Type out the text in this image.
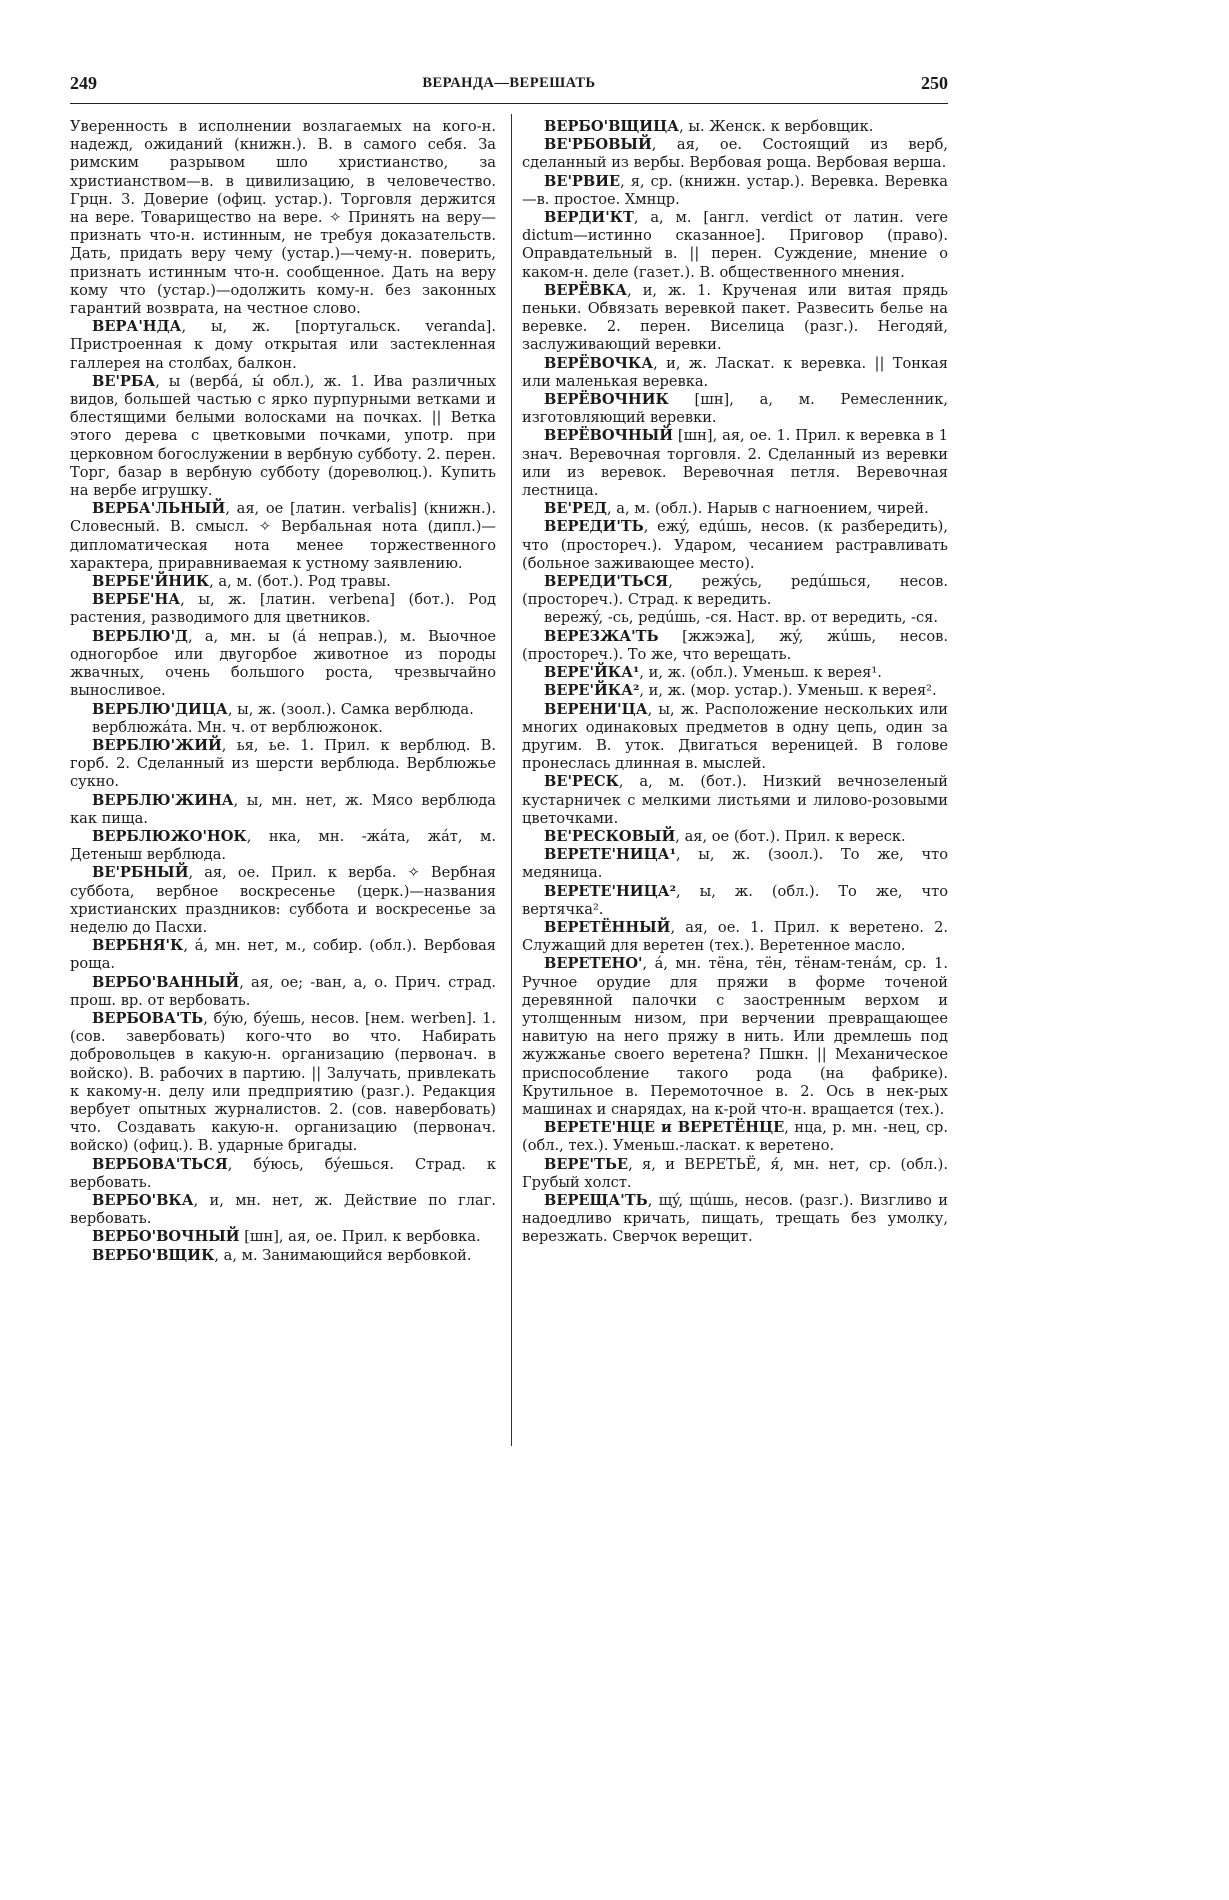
249	ВЕРАНДА—ВЕРЕШАТЬ	250

Уверенность в исполнении возлагаемых на кого-н. надежд, ожиданий (книжн.). В. в самого себя. За римским разрывом шло христианство, за христианством—в. в цивилизацию, в человечество. Грцн. 3. Доверие (офиц. устар.). Торговля держится на вере. Товарищество на вере. ✧ Принять на веру—признать что-н. истинным, не требуя доказательств. Дать, придать веру чему (устар.)—чему-н. поверить, признать истинным что-н. сообщенное. Дать на веру кому что (устар.)—одолжить кому-н. без законных гарантий возврата, на честное слово.

ВЕРА'НДА, ы, ж. [португальск. veranda]. Пристроенная к дому открытая или застекленная галлерея на столбах, балкон.

ВЕ'РБА, ы (вербá, ы́ обл.), ж. 1. Ива различных видов, большей частью с ярко пурпурными ветками и блестящими белыми волосками на почках. || Ветка этого дерева с цветковыми почками, употр. при церковном богослужении в вербную субботу. 2. перен. Торг, базар в вербную субботу (дореволюц.). Купить на вербе игрушку.

ВЕРБА'ЛЬНЫЙ, ая, ое [латин. verbalis] (книжн.). Словесный. В. смысл. ✧ Вербальная нота (дипл.)—дипломатическая нота менее торжественного характера, приравниваемая к устному заявлению.

ВЕРБЕ'ЙНИК, а, м. (бот.). Род травы.

ВЕРБЕ'НА, ы, ж. [латин. verbena] (бот.). Род растения, разводимого для цветников.

ВЕРБЛЮ'Д, а, мн. ы (á неправ.), м. Выочное одногорбое или двугорбое животное из породы жвачных, очень большого роста, чрезвычайно выносливое.

ВЕРБЛЮ'ДИЦА, ы, ж. (зоол.). Самка верблюда.

верблюжáта. Мн. ч. от верблюжонок.

ВЕРБЛЮ'ЖИЙ, ья, ье. 1. Прил. к верблюд. В. горб. 2. Сделанный из шерсти верблюда. Верблюжье сукно.

ВЕРБЛЮ'ЖИНА, ы, мн. нет, ж. Мясо верблюда как пища.

ВЕРБЛЮЖО'НОК, нка, мн. -жáта, жáт, м. Детеныш верблюда.

ВЕ'РБНЫЙ, ая, ое. Прил. к верба. ✧ Вербная суббота, вербное воскресенье (церк.)—названия христианских праздников: суббота и воскресенье за неделю до Пасхи.

ВЕРБНЯ'К, á, мн. нет, м., собир. (обл.). Вербовая роща.

ВЕРБО'ВАННЫЙ, ая, ое; -ван, а, о. Прич. страд. прош. вр. от вербовать.

ВЕРБОВА'ТЬ, бýю, бýешь, несов. [нем. werben]. 1. (сов. завербовать) кого-что во что. Набирать добровольцев в какую-н. организацию (первонач. в войско). В. рабочих в партию. || Залучать, привлекать к какому-н. делу или предприятию (разг.). Редакция вербует опытных журналистов. 2. (сов. навербовать) что. Создавать какую-н. организацию (первонач. войско) (офиц.). В. ударные бригады.

ВЕРБОВА'ТЬСЯ, бýюсь, бýешься. Страд. к вербовать.

ВЕРБО'ВКА, и, мн. нет, ж. Действие по глаг. вербовать.

ВЕРБО'ВОЧНЫЙ [шн], ая, ое. Прил. к вербовка.

ВЕРБО'ВЩИК, а, м. Занимающийся вербовкой.

ВЕРБО'ВЩИЦА, ы. Женск. к вербовщик.

ВЕ'РБОВЫЙ, ая, ое. Состоящий из верб, сделанный из вербы. Вербовая роща. Вербовая верша.

ВЕ'РВИЕ, я, ср. (книжн. устар.). Веревка. Веревка—в. простое. Хмнцр.

ВЕРДИ'КТ, а, м. [англ. verdict от латин. vere dictum—истинно сказанное]. Приговор (право). Оправдательный в. || перен. Суждение, мнение о каком-н. деле (газет.). В. общественного мнения.

ВЕРЁВКА, и, ж. 1. Крученая или витая прядь пеньки. Обвязать веревкой пакет. Развесить белье на веревке. 2. перен. Виселица (разг.). Негодяй, заслуживающий веревки.

ВЕРЁВОЧКА, и, ж. Ласкат. к веревка. || Тонкая или маленькая веревка.

ВЕРЁВОЧНИК [шн], а, м. Ремесленник, изготовляющий веревки.

ВЕРЁВОЧНЫЙ [шн], ая, ое. 1. Прил. к веревка в 1 знач. Веревочная торговля. 2. Сделанный из веревки или из веревок. Веревочная петля. Веревочная лестница.

ВЕ'РЕД, а, м. (обл.). Нарыв с нагноением, чирей.

ВЕРЕДИ'ТЬ, ежý, едúшь, несов. (к разбередить), что (простореч.). Ударом, чесанием растравливать (больное заживающее место).

ВЕРЕДИ'ТЬСЯ, режýсь, редúшься, несов. (простореч.). Страд. к вередить.

вережý, -сь, редúшь, -ся. Наст. вр. от вередить, -ся.

ВЕРЕЗЖА'ТЬ [жжэжа], жý, жúшь, несов. (простореч.). То же, что верещать.

ВЕРЕ'ЙКА¹, и, ж. (обл.). Уменьш. к верея¹.

ВЕРЕ'ЙКА², и, ж. (мор. устар.). Уменьш. к верея².

ВЕРЕНИ'ЦА, ы, ж. Расположение нескольких или многих одинаковых предметов в одну цепь, один за другим. В. уток. Двигаться вереницей. В голове пронеслась длинная в. мыслей.

ВЕ'РЕСК, а, м. (бот.). Низкий вечнозеленый кустарничек с мелкими листьями и лилово-розовыми цветочками.

ВЕ'РЕСКОВЫЙ, ая, ое (бот.). Прил. к вереск.

ВЕРЕТЕ'НИЦА¹, ы, ж. (зоол.). То же, что медяница.

ВЕРЕТЕ'НИЦА², ы, ж. (обл.). То же, что вертячка².

ВЕРЕТЁННЫЙ, ая, ое. 1. Прил. к веретено. 2. Служащий для веретен (тех.). Веретенное масло.

ВЕРЕТЕНО', á, мн. тёна, тён, тёнам-тенáм, ср. 1. Ручное орудие для пряжи в форме точеной деревянной палочки с заостренным верхом и утолщенным низом, при верчении превращающее навитую на него пряжу в нить. Или дремлешь под жужжанье своего веретена? Пшкн. || Механическое приспособление такого рода (на фабрике). Крутильное в. Перемоточное в. 2. Ось в нек-рых машинах и снарядах, на к-рой что-н. вращается (тех.).

ВЕРЕТЕ'НЦЕ и ВЕРЕТЁНЦЕ, нца, р. мн. -нец, ср. (обл., тех.). Уменьш.-ласкат. к веретено.

ВЕРЕ'ТЬЕ, я, и ВЕРЕТЬЁ, я́, мн. нет, ср. (обл.). Грубый холст.

ВЕРЕЩА'ТЬ, щý, щúшь, несов. (разг.). Визгливо и надоедливо кричать, пищать, трещать без умолку, верезжать. Сверчок верещит.
